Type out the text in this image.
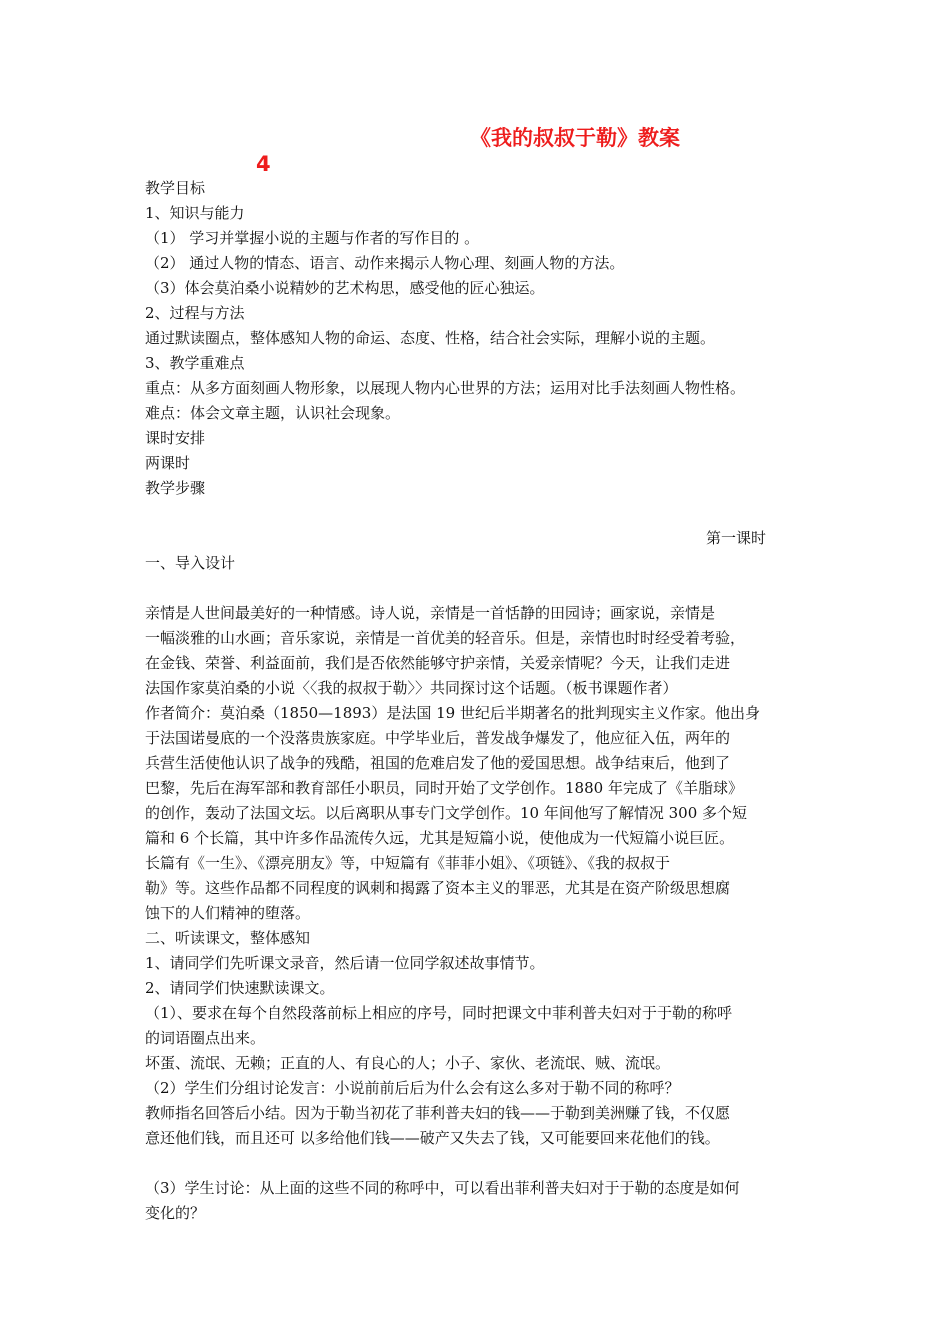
《我的叔叔于勒》教案
4
教学目标
1、知识与能力
（1） 学习并掌握小说的主题与作者的写作目的 。
（2） 通过人物的情态、语言、动作来揭示人物心理、刻画人物的方法。
（3）体会莫泊桑小说精妙的艺术构思，感受他的匠心独运。
2、过程与方法
通过默读圈点，整体感知人物的命运、态度、性格，结合社会实际，理解小说的主题。
3、教学重难点
重点：从多方面刻画人物形象，以展现人物内心世界的方法；运用对比手法刻画人物性格。
难点：体会文章主题，认识社会现象。
课时安排
两课时
教学步骤
第一课时
一、导入设计
亲情是人世间最美好的一种情感。诗人说，亲情是一首恬静的田园诗；画家说，亲情是
一幅淡雅的山水画；音乐家说，亲情是一首优美的轻音乐。但是，亲情也时时经受着考验，
在金钱、荣誉、利益面前，我们是否依然能够守护亲情，关爱亲情呢？今天，让我们走进
法国作家莫泊桑的小说〈〈我的叔叔于勒〉〉共同探讨这个话题。（板书课题作者）
作者简介：莫泊桑（1850—1893）是法国 19 世纪后半期著名的批判现实主义作家。他出身
于法国诺曼底的一个没落贵族家庭。中学毕业后，普发战争爆发了，他应征入伍，两年的
兵营生活使他认识了战争的残酷，祖国的危难启发了他的爱国思想。战争结束后，他到了
巴黎，先后在海军部和教育部任小职员，同时开始了文学创作。1880 年完成了《羊脂球》
的创作，轰动了法国文坛。以后离职从事专门文学创作。10 年间他写了解情况 300 多个短
篇和 6 个长篇，其中许多作品流传久远，尤其是短篇小说，使他成为一代短篇小说巨匠。
长篇有《一生》、《漂亮朋友》等，中短篇有《菲菲小姐》、《项链》、《我的叔叔于
勒》等。这些作品都不同程度的讽刺和揭露了资本主义的罪恶，尤其是在资产阶级思想腐
蚀下的人们精神的堕落。
二、听读课文，整体感知
1、请同学们先听课文录音，然后请一位同学叙述故事情节。
2、请同学们快速默读课文。
（1）、要求在每个自然段落前标上相应的序号，同时把课文中菲利普夫妇对于于勒的称呼
的词语圈点出来。
坏蛋、流氓、无赖；正直的人、有良心的人；小子、家伙、老流氓、贼、流氓。
（2）学生们分组讨论发言：小说前前后后为什么会有这么多对于勒不同的称呼？
教师指名回答后小结。因为于勒当初花了菲利普夫妇的钱——于勒到美洲赚了钱，不仅愿
意还他们钱，而且还可 以多给他们钱——破产又失去了钱，又可能要回来花他们的钱。
（3）学生讨论：从上面的这些不同的称呼中，可以看出菲利普夫妇对于于勒的态度是如何
变化的？
